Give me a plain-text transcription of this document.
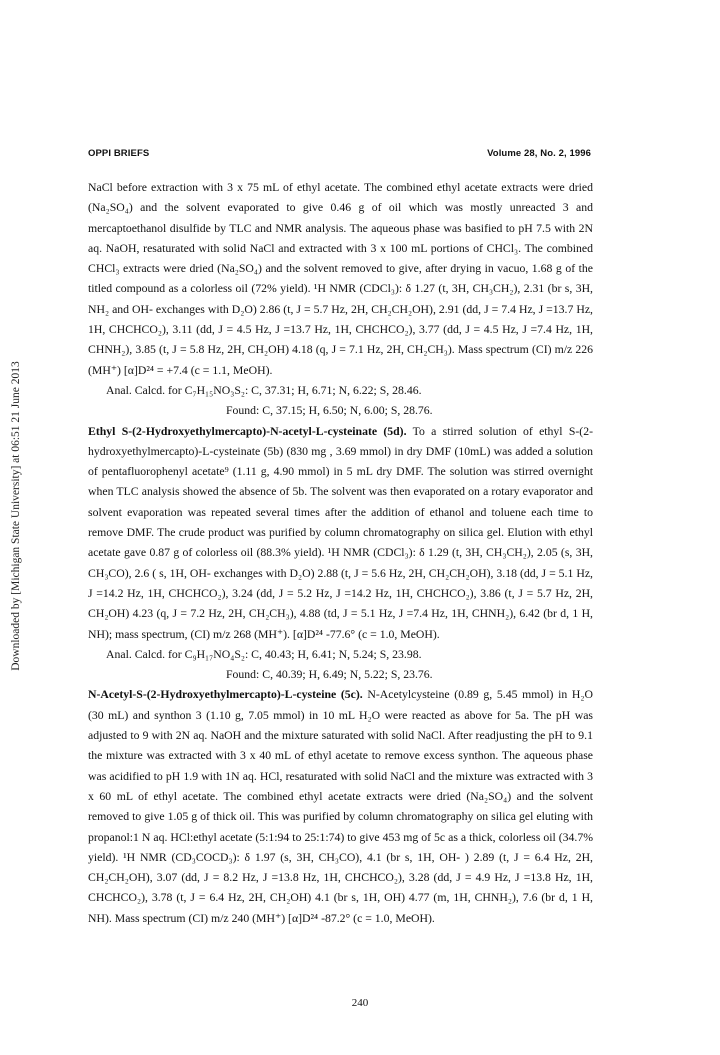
Downloaded by [Michigan State University] at 06:51 21 June 2013
OPPI BRIEFS	Volume 28, No. 2, 1996

NaCl before extraction with 3 x 75 mL of ethyl acetate. The combined ethyl acetate extracts were dried (Na₂SO₄) and the solvent evaporated to give 0.46 g of oil which was mostly unreacted 3 and mercaptoethanol disulfide by TLC and NMR analysis. The aqueous phase was basified to pH 7.5 with 2N aq. NaOH, resaturated with solid NaCl and extracted with 3 x 100 mL portions of CHCl₃. The combined CHCl₃ extracts were dried (Na₂SO₄) and the solvent removed to give, after drying in vacuo, 1.68 g of the titled compound as a colorless oil (72% yield). ¹H NMR (CDCl₃): δ 1.27 (t, 3H, CH₃CH₂), 2.31 (br s, 3H, NH₂ and OH- exchanges with D₂O) 2.86 (t, J = 5.7 Hz, 2H, CH₂CH₂OH), 2.91 (dd, J = 7.4 Hz, J =13.7 Hz, 1H, CHCHCO₂), 3.11 (dd, J = 4.5 Hz, J =13.7 Hz, 1H, CHCHCO₂), 3.77 (dd, J = 4.5 Hz, J =7.4 Hz, 1H, CHNH₂), 3.85 (t, J = 5.8 Hz, 2H, CH₂OH) 4.18 (q, J = 7.1 Hz, 2H, CH₂CH₃). Mass spectrum (CI) m/z 226 (MH⁺) [α]D²⁴ = +7.4 (c = 1.1, MeOH).

Anal. Calcd. for C₇H₁₅NO₃S₂: C, 37.31; H, 6.71; N, 6.22; S, 28.46.

Found: C, 37.15; H, 6.50; N, 6.00; S, 28.76.

Ethyl S-(2-Hydroxyethylmercapto)-N-acetyl-L-cysteinate (5d). To a stirred solution of ethyl S-(2-hydroxyethylmercapto)-L-cysteinate (5b) (830 mg , 3.69 mmol) in dry DMF (10mL) was added a solution of pentafluorophenyl acetate⁹ (1.11 g, 4.90 mmol) in 5 mL dry DMF. The solution was stirred overnight when TLC analysis showed the absence of 5b. The solvent was then evaporated on a rotary evaporator and solvent evaporation was repeated several times after the addition of ethanol and toluene each time to remove DMF. The crude product was purified by column chromatography on silica gel. Elution with ethyl acetate gave 0.87 g of colorless oil (88.3% yield). ¹H NMR (CDCl₃): δ 1.29 (t, 3H, CH₃CH₂), 2.05 (s, 3H, CH₃CO), 2.6 ( s, 1H, OH- exchanges with D₂O) 2.88 (t, J = 5.6 Hz, 2H, CH₂CH₂OH), 3.18 (dd, J = 5.1 Hz, J =14.2 Hz, 1H, CHCHCO₂), 3.24 (dd, J = 5.2 Hz, J =14.2 Hz, 1H, CHCHCO₂), 3.86 (t, J = 5.7 Hz, 2H, CH₂OH) 4.23 (q, J = 7.2 Hz, 2H, CH₂CH₃), 4.88 (td, J = 5.1 Hz, J =7.4 Hz, 1H, CHNH₂), 6.42 (br d, 1 H, NH); mass spectrum, (CI) m/z 268 (MH⁺). [α]D²⁴ -77.6° (c = 1.0, MeOH).

Anal. Calcd. for C₉H₁₇NO₄S₂: C, 40.43; H, 6.41; N, 5.24; S, 23.98.

Found: C, 40.39; H, 6.49; N, 5.22; S, 23.76.

N-Acetyl-S-(2-Hydroxyethylmercapto)-L-cysteine (5c). N-Acetylcysteine (0.89 g, 5.45 mmol) in H₂O (30 mL) and synthon 3 (1.10 g, 7.05 mmol) in 10 mL H₂O were reacted as above for 5a. The pH was adjusted to 9 with 2N aq. NaOH and the mixture saturated with solid NaCl. After readjusting the pH to 9.1 the mixture was extracted with 3 x 40 mL of ethyl acetate to remove excess synthon. The aqueous phase was acidified to pH 1.9 with 1N aq. HCl, resaturated with solid NaCl and the mixture was extracted with 3 x 60 mL of ethyl acetate. The combined ethyl acetate extracts were dried (Na₂SO₄) and the solvent removed to give 1.05 g of thick oil. This was purified by column chromatography on silica gel eluting with propanol:1 N aq. HCl:ethyl acetate (5:1:94 to 25:1:74) to give 453 mg of 5c as a thick, colorless oil (34.7% yield). ¹H NMR (CD₃COCD₃): δ 1.97 (s, 3H, CH₃CO), 4.1 (br s, 1H, OH- ) 2.89 (t, J = 6.4 Hz, 2H, CH₂CH₂OH), 3.07 (dd, J = 8.2 Hz, J =13.8 Hz, 1H, CHCHCO₂), 3.28 (dd, J = 4.9 Hz, J =13.8 Hz, 1H, CHCHCO₂), 3.78 (t, J = 6.4 Hz, 2H, CH₂OH) 4.1 (br s, 1H, OH) 4.77 (m, 1H, CHNH₂), 7.6 (br d, 1 H, NH). Mass spectrum (CI) m/z 240 (MH⁺) [α]D²⁴ -87.2° (c = 1.0, MeOH).

240
